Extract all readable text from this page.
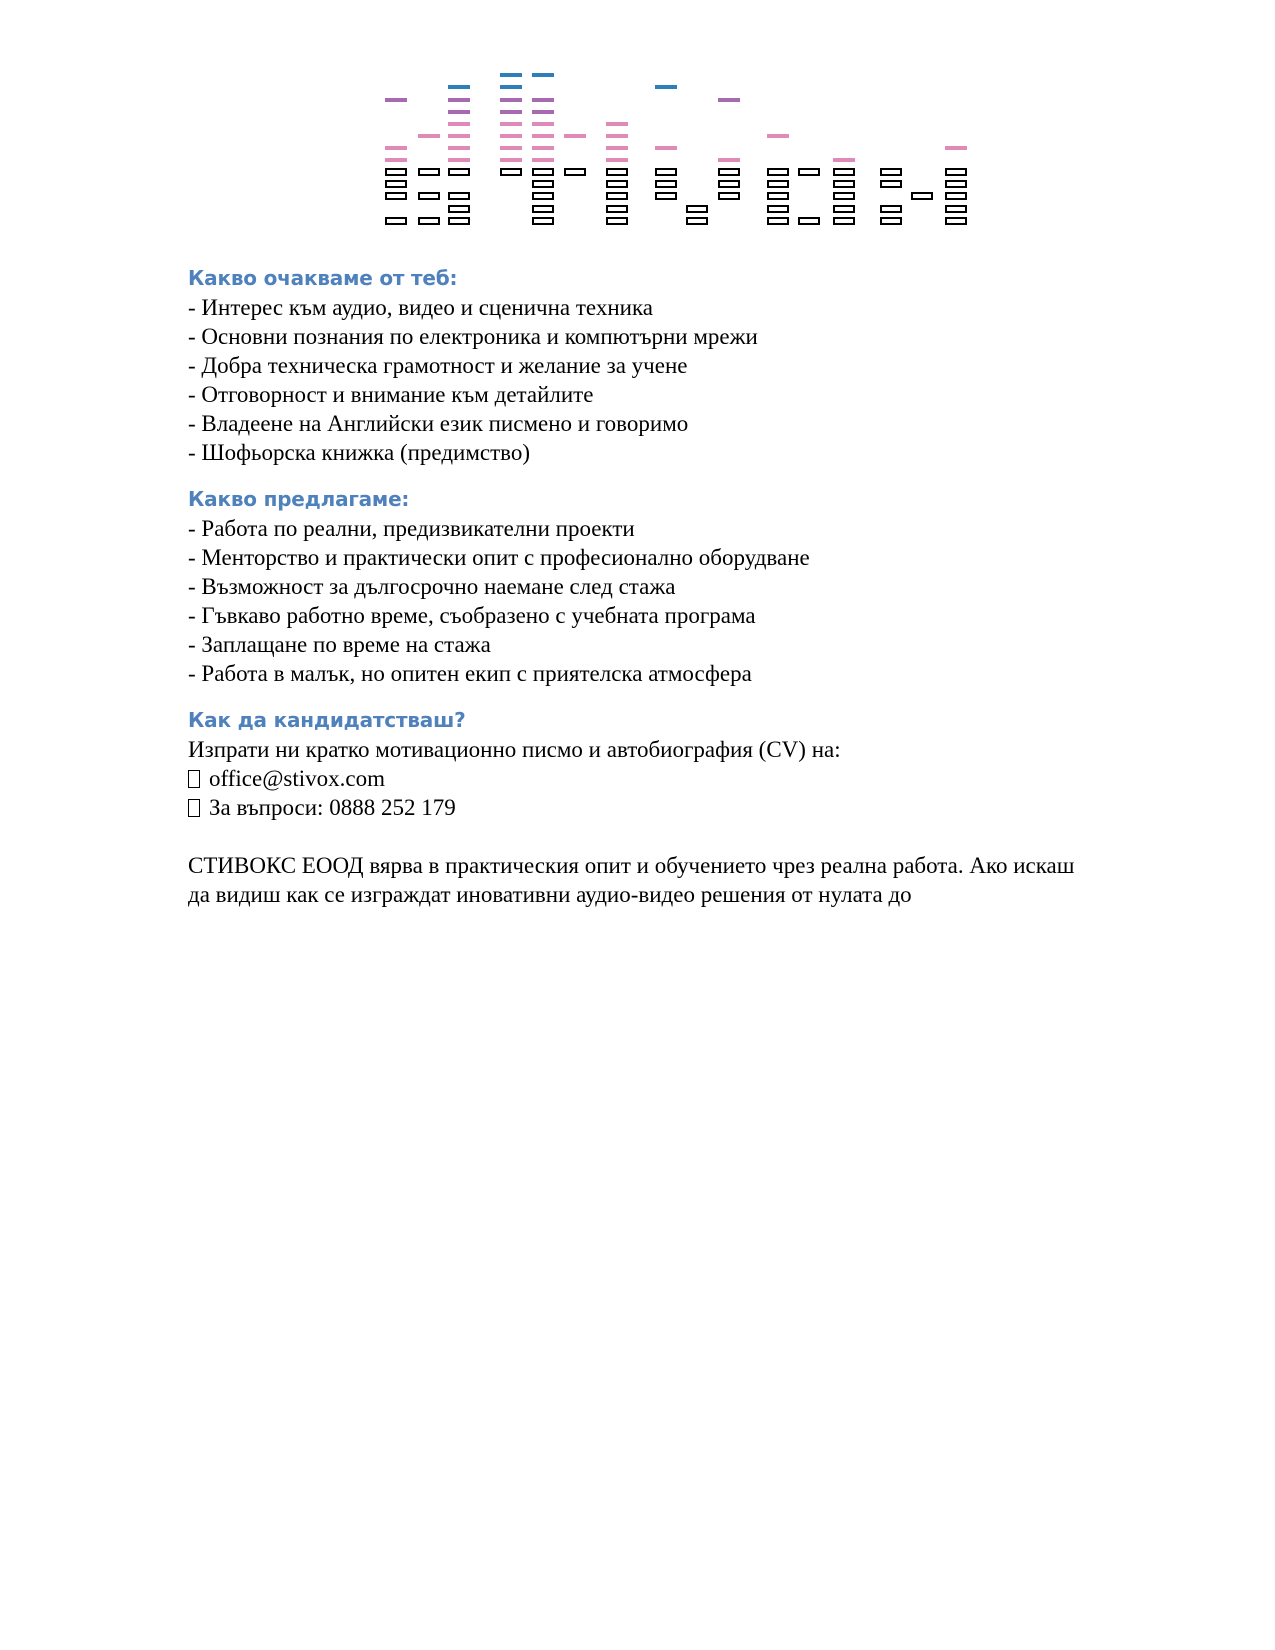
Какво очакваме от теб:
- Интерес към аудио, видео и сценична техника
- Основни познания по електроника и компютърни мрежи
- Добра техническа грамотност и желание за учене
- Отговорност и внимание към детайлите
- Владеене на Английски език писмено и говоримо
- Шофьорска книжка (предимство)
Какво предлагаме:
- Работа по реални, предизвикателни проекти
- Менторство и практически опит с професионално оборудване
- Възможност за дългосрочно наемане след стажа
- Гъвкаво работно време, съобразено с учебната програма
- Заплащане по време на стажа
- Работа в малък, но опитен екип с приятелска атмосфера
Как да кандидатстваш?
Изпрати ни кратко мотивационно писмо и автобиография (CV) на:
office@stivox.com
За въпроси: 0888 252 179
СТИВОКС ЕООД вярва в практическия опит и обучението чрез реална работа. Ако искаш да видиш как се изграждат иновативни аудио-видео решения от нулата до
